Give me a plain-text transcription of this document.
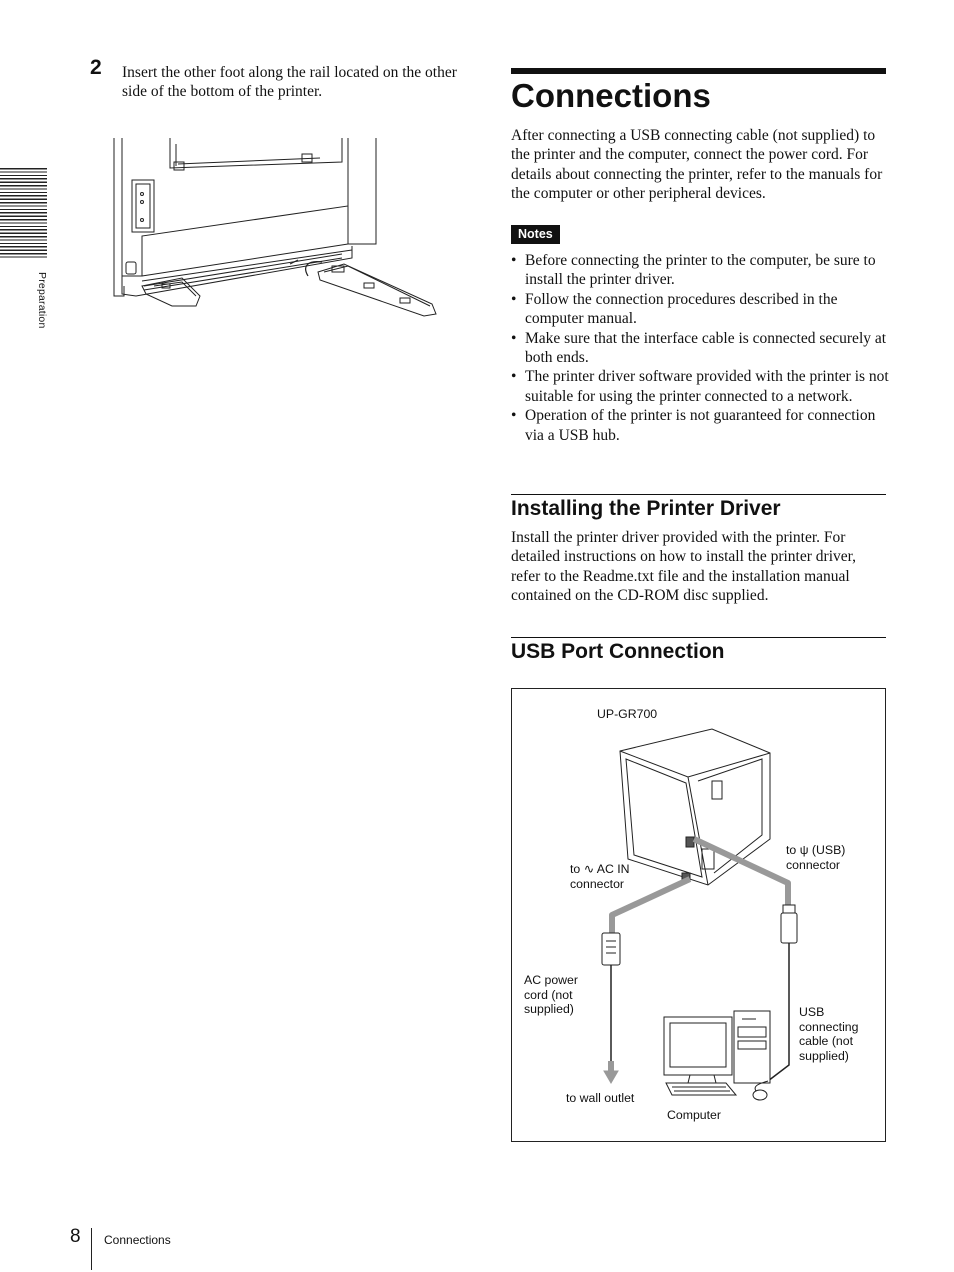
Preparation
2 Insert the other foot along the rail located on the other side of the bottom of the printer.	Connections
After connecting a USB connecting cable (not supplied) to the printer and the computer, connect the power cord. For details about connecting the printer, refer to the manuals for the computer or other peripheral devices.
Notes
• Before connecting the printer to the computer, be sure to install the printer driver.
• Follow the connection procedures described in the computer manual.
• Make sure that the interface cable is connected securely at both ends.
• The printer driver software provided with the printer is not suitable for using the printer connected to a network.
• Operation of the printer is not guaranteed for connection via a USB hub.
Installing the Printer Driver
Install the printer driver provided with the printer. For detailed instructions on how to install the printer driver, refer to the Readme.txt file and the installation manual contained on the CD-ROM disc supplied.
USB Port Connection
UP-GR700
to ∿ AC IN
connector
to ψ (USB)
connector
AC power
cord (not
supplied)	USB
connecting
cable (not
supplied)
to wall outlet
Computer
8 Connections
